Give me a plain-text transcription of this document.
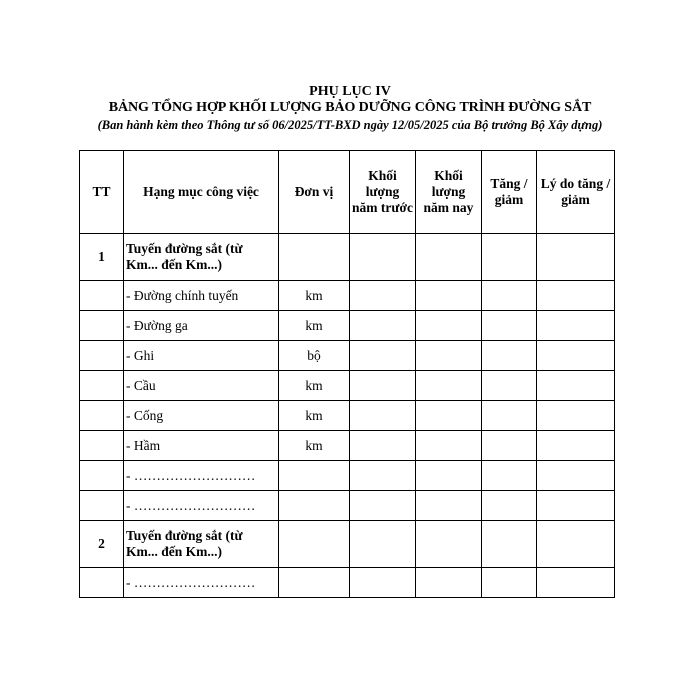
PHỤ LỤC IV
BẢNG TỔNG HỢP KHỐI LƯỢNG BẢO DƯỠNG CÔNG TRÌNH ĐƯỜNG SẮT
(Ban hành kèm theo Thông tư số 06/2025/TT-BXD ngày 12/05/2025 của Bộ trưởng Bộ Xây dựng)
TT	Hạng mục công việc	Đơn vị	Khối lượng năm trước	Khối lượng năm nay	Tăng / giảm	Lý do tăng / giảm
1	Tuyến đường sắt (từ Km... đến Km...)					
	- Đường chính tuyến	km				
	- Đường ga	km				
	- Ghi	bộ				
	- Cầu	km				
	- Cống	km				
	- Hầm	km				
	- ………………………					
	- ………………………					
2	Tuyến đường sắt (từ Km... đến Km...)					
	- ………………………					
